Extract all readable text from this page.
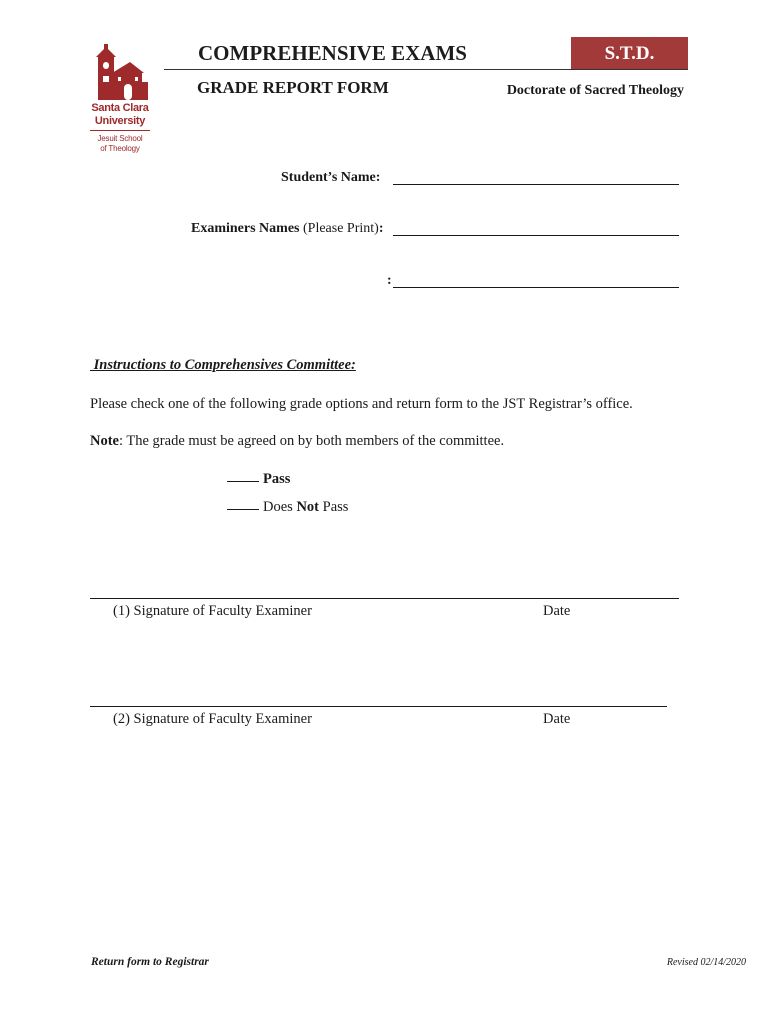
Santa Clara
University
Jesuit School
of Theology
COMPREHENSIVE EXAMS	S.T.D.
GRADE REPORT FORM	Doctorate of Sacred Theology
Student’s Name:
Examiners Names (Please Print):
:
Instructions to Comprehensives Committee:
Please check one of the following grade options and return form to the JST Registrar’s office.
Note: The grade must be agreed on by both members of the committee.
Pass
Does Not Pass
(1) Signature of Faculty Examiner	Date
(2) Signature of Faculty Examiner	Date
Return form to Registrar	Revised 02/14/2020
